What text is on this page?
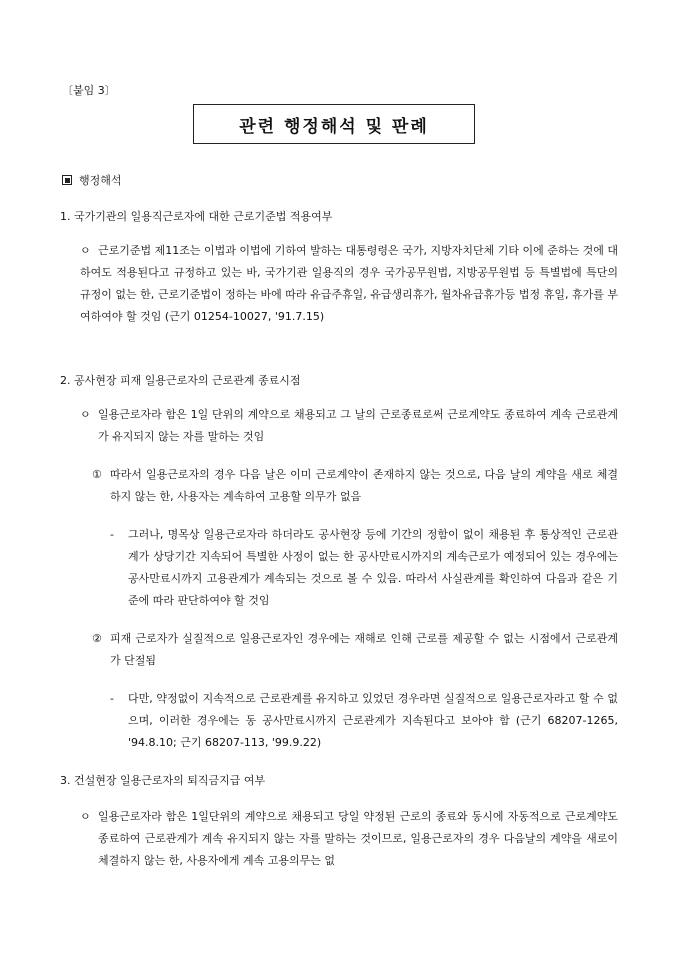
〔붙임 3〕
관련 행정해석 및 판례
행정해석
1. 국가기관의 일용직근로자에 대한 근로기준법 적용여부
ㅇ 근로기준법 제11조는 이법과 이법에 기하여 발하는 대통령령은 국가, 지방자치단체 기타 이에 준하는 것에 대하여도 적용된다고 규정하고 있는 바, 국가기관 일용직의 경우 국가공무원법, 지방공무원법 등 특별법에 특단의 규정이 없는 한, 근로기준법이 정하는 바에 따라 유급주휴일, 유급생리휴가, 월차유급휴가등 법정 휴일, 휴가를 부여하여야 할 것임 (근기 01254-10027, '91.7.15)
2. 공사현장 피재 일용근로자의 근로관계 종료시점
ㅇ 일용근로자라 함은 1일 단위의 계약으로 채용되고 그 날의 근로종료로써 근로계약도 종료하여 계속 근로관계가 유지되지 않는 자를 말하는 것임
① 따라서 일용근로자의 경우 다음 날은 이미 근로계약이 존재하지 않는 것으로, 다음 날의 계약을 새로 체결하지 않는 한, 사용자는 계속하여 고용할 의무가 없음
-	그러나, 명목상 일용근로자라 하더라도 공사현장 등에 기간의 정함이 없이 채용된 후 통상적인 근로관계가 상당기간 지속되어 특별한 사정이 없는 한 공사만료시까지의 계속근로가 예정되어 있는 경우에는 공사만료시까지 고용관계가 계속되는 것으로 볼 수 있음. 따라서 사실관계를 확인하여 다음과 같은 기준에 따라 판단하여야 할 것임
② 피재 근로자가 실질적으로 일용근로자인 경우에는 재해로 인해 근로를 제공할 수 없는 시점에서 근로관계가 단절됨
-	다만, 약정없이 지속적으로 근로관계를 유지하고 있었던 경우라면 실질적으로 일용근로자라고 할 수 없으며, 이러한 경우에는 동 공사만료시까지 근로관계가 지속된다고 보아야 함 (근기 68207-1265, '94.8.10; 근기 68207-113, '99.9.22)
3. 건설현장 일용근로자의 퇴직금지급 여부
ㅇ 일용근로자라 함은 1일단위의 계약으로 채용되고 당일 약정된 근로의 종료와 동시에 자동적으로 근로계약도 종료하여 근로관계가 계속 유지되지 않는 자를 말하는 것이므로, 일용근로자의 경우 다음날의 계약을 새로이 체결하지 않는 한, 사용자에게 계속 고용의무는 없
